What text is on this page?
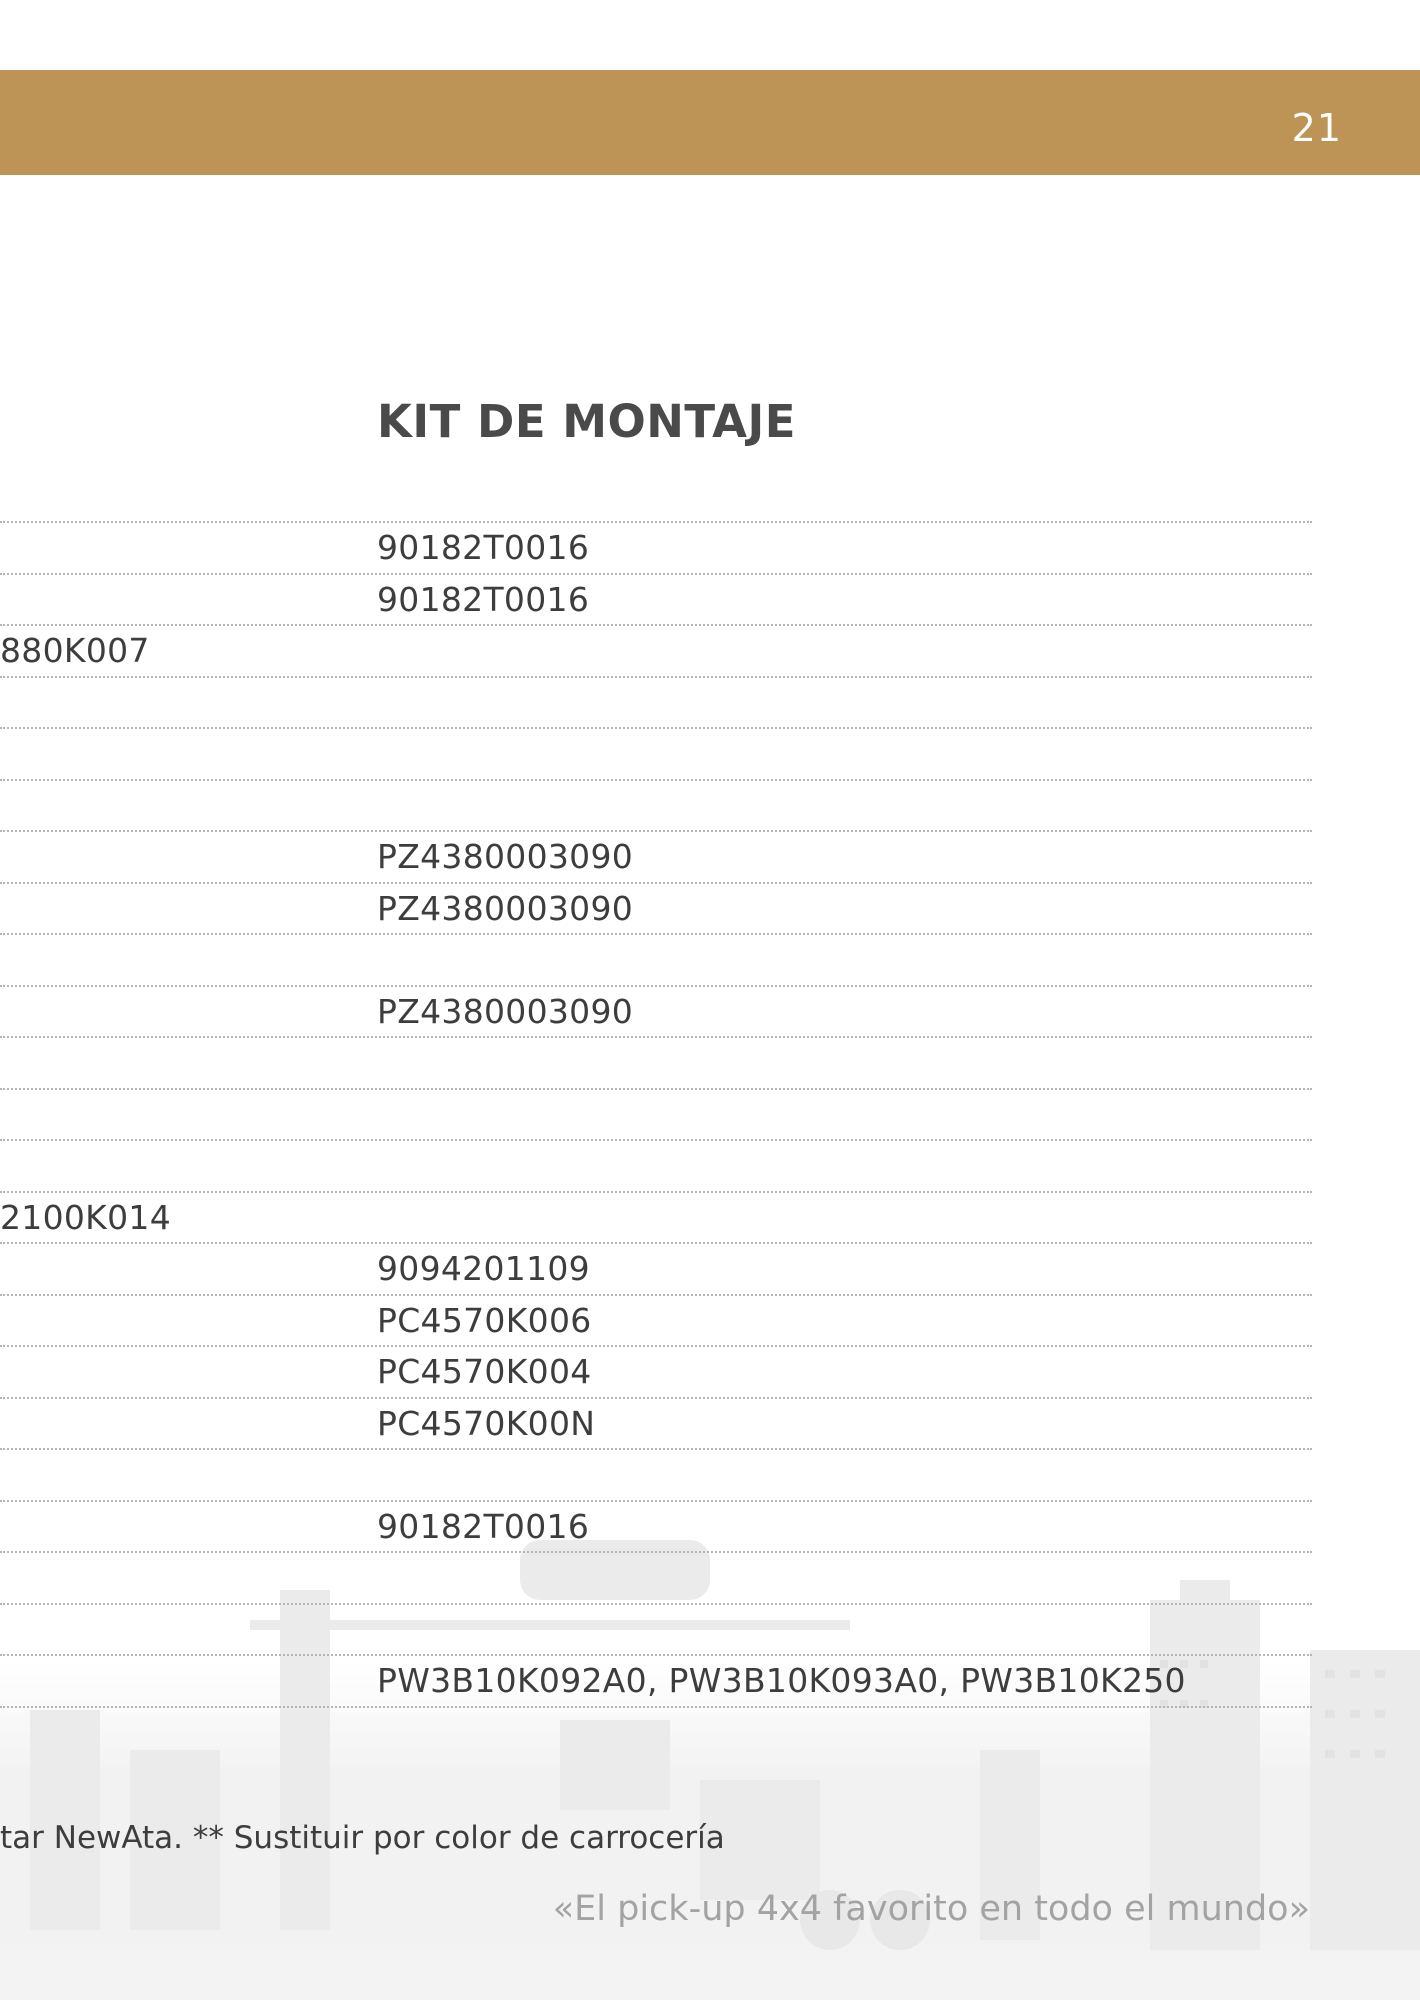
21
KIT DE MONTAJE
90182T0016
90182T0016
880K007
PZ4380003090
PZ4380003090
PZ4380003090
2100K014
9094201109
PC4570K006
PC4570K004
PC4570K00N
90182T0016
PW3B10K092A0, PW3B10K093A0, PW3B10K250
tar NewAta. ** Sustituir por color de carrocería
«El pick-up 4x4 favorito en todo el mundo»
